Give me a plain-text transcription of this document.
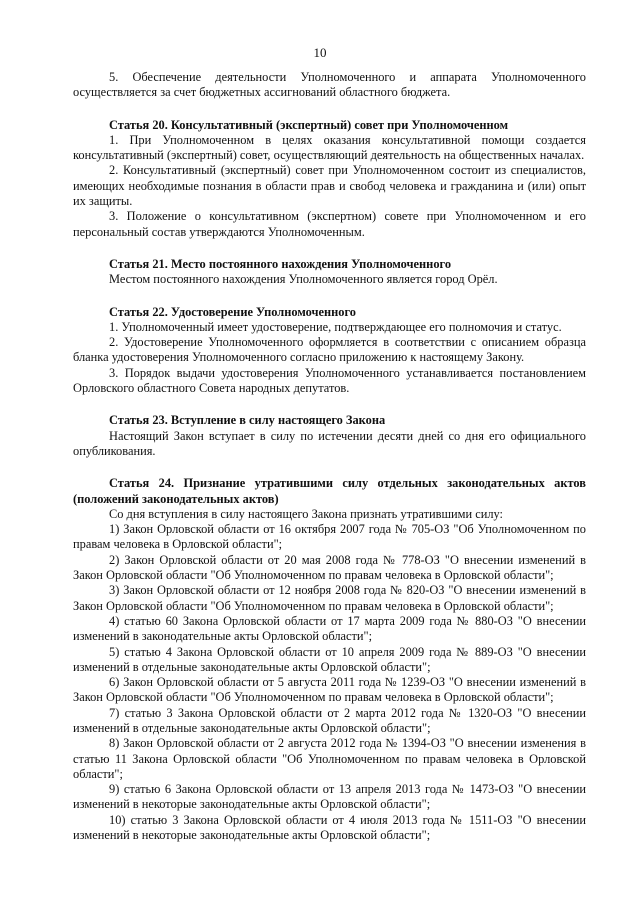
10

5. Обеспечение деятельности Уполномоченного и аппарата Уполномоченного осуществляется за счет бюджетных ассигнований областного бюджета.

Статья 20. Консультативный (экспертный) совет при Уполномоченном

1. При Уполномоченном в целях оказания консультативной помощи создается консультативный (экспертный) совет, осуществляющий деятельность на общественных началах.

2. Консультативный (экспертный) совет при Уполномоченном состоит из специалистов, имеющих необходимые познания в области прав и свобод человека и гражданина и (или) опыт их защиты.

3. Положение о консультативном (экспертном) совете при Уполномоченном и его персональный состав утверждаются Уполномоченным.

Статья 21. Место постоянного нахождения Уполномоченного

Местом постоянного нахождения Уполномоченного является город Орёл.

Статья 22. Удостоверение Уполномоченного

1. Уполномоченный имеет удостоверение, подтверждающее его полномочия и статус.

2. Удостоверение Уполномоченного оформляется в соответствии с описанием образца бланка удостоверения Уполномоченного согласно приложению к настоящему Закону.

3. Порядок выдачи удостоверения Уполномоченного устанавливается постановлением Орловского областного Совета народных депутатов.

Статья 23. Вступление в силу настоящего Закона

Настоящий Закон вступает в силу по истечении десяти дней со дня его официального опубликования.

Статья 24. Признание утратившими силу отдельных законодательных актов (положений законодательных актов)

Со дня вступления в силу настоящего Закона признать утратившими силу:

1) Закон Орловской области от 16 октября 2007 года № 705-ОЗ "Об Уполномоченном по правам человека в Орловской области";

2) Закон Орловской области от 20 мая 2008 года № 778-ОЗ "О внесении изменений в Закон Орловской области "Об Уполномоченном по правам человека в Орловской области";

3) Закон Орловской области от 12 ноября 2008 года № 820-ОЗ "О внесении изменений в Закон Орловской области "Об Уполномоченном по правам человека в Орловской области";

4) статью 60 Закона Орловской области от 17 марта 2009 года № 880-ОЗ "О внесении изменений в законодательные акты Орловской области";

5) статью 4 Закона Орловской области от 10 апреля 2009 года № 889-ОЗ "О внесении изменений в отдельные законодательные акты Орловской области";

6) Закон Орловской области от 5 августа 2011 года № 1239-ОЗ "О внесении изменений в Закон Орловской области "Об Уполномоченном по правам человека в Орловской области";

7) статью 3 Закона Орловской области от 2 марта 2012 года № 1320-ОЗ "О внесении изменений в отдельные законодательные акты Орловской области";

8) Закон Орловской области от 2 августа 2012 года № 1394-ОЗ "О внесении изменения в статью 11 Закона Орловской области "Об Уполномоченном по правам человека в Орловской области";

9) статью 6 Закона Орловской области от 13 апреля 2013 года № 1473-ОЗ "О внесении изменений в некоторые законодательные акты Орловской области";

10) статью 3 Закона Орловской области от 4 июля 2013 года № 1511-ОЗ "О внесении изменений в некоторые законодательные акты Орловской области";
